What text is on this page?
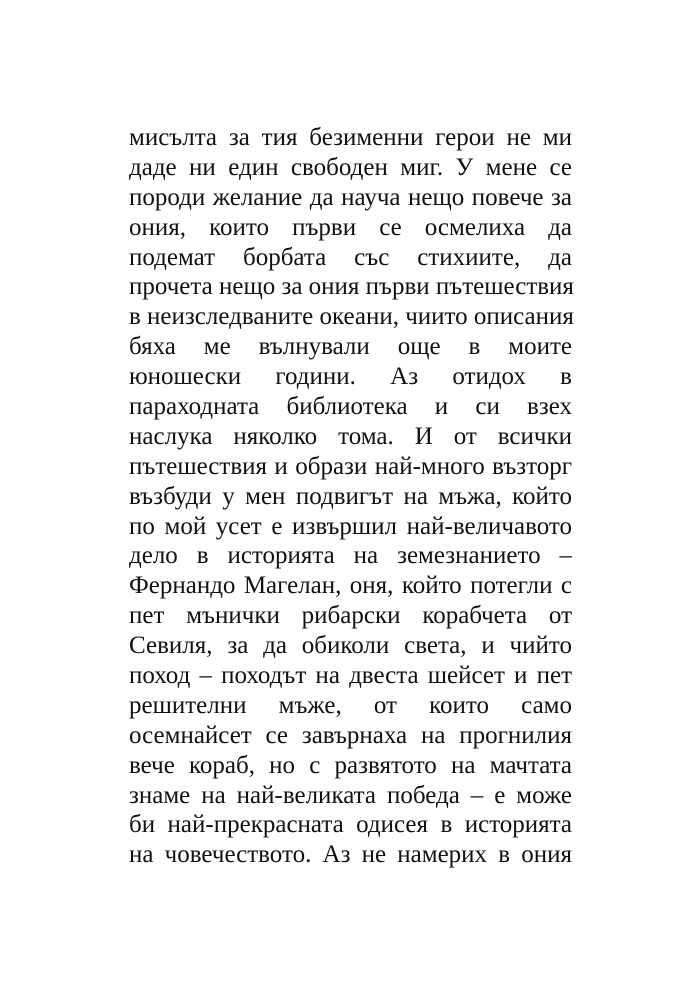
мисълта за тия безименни герои не ми
даде ни един свободен миг. У мене се
породи желание да науча нещо повече за
ония, които първи се осмелиха да
подемат борбата със стихиите, да
прочета нещо за ония първи пътешествия
в неизследваните океани, чиито описания
бяха ме вълнували още в моите
юношески години. Аз отидох в
параходната библиотека и си взех
наслука няколко тома. И от всички
пътешествия и образи най-много възторг
възбуди у мен подвигът на мъжа, който
по мой усет е извършил най-величавото
дело в историята на земезнанието –
Фернандо Магелан, оня, който потегли с
пет мънички рибарски корабчета от
Севиля, за да обиколи света, и чийто
поход – походът на двеста шейсет и пет
решителни мъже, от които само
осемнайсет се завърнаха на прогнилия
вече кораб, но с развятото на мачтата
знаме на най-великата победа – е може
би най-прекрасната одисея в историята
на човечеството. Аз не намерих в ония
